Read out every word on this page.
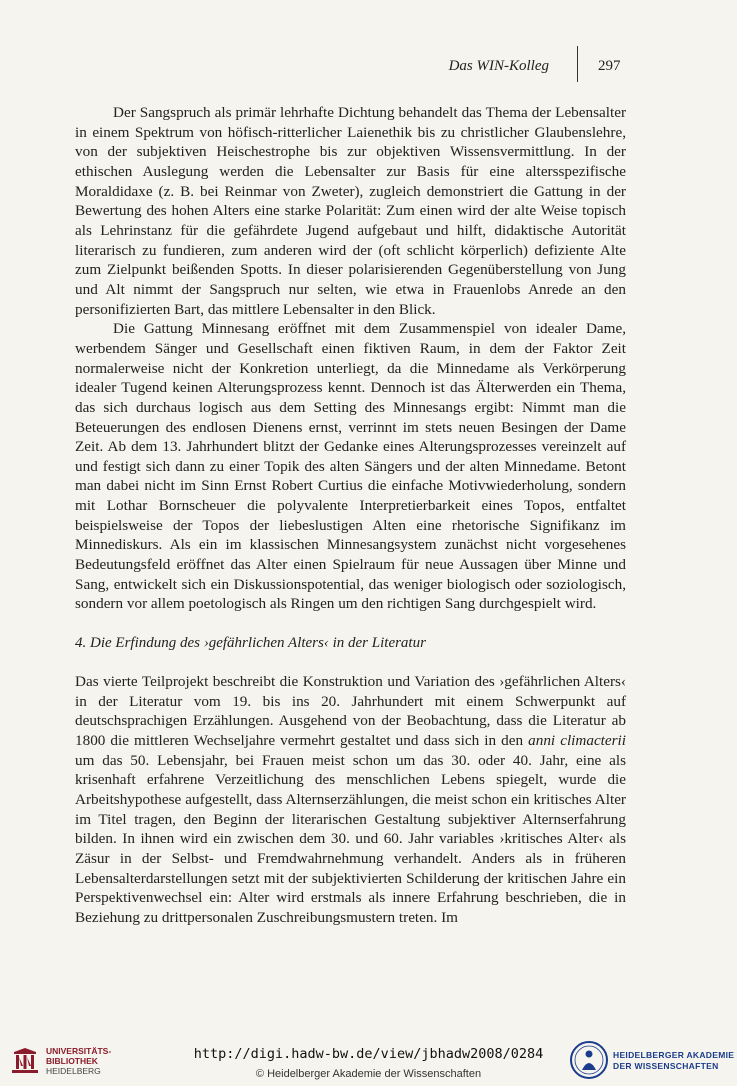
Das WIN-Kolleg	297

Der Sangspruch als primär lehrhafte Dichtung behandelt das Thema der Lebensalter in einem Spektrum von höfisch-ritterlicher Laienethik bis zu christlicher Glaubenslehre, von der subjektiven Heischestrophe bis zur objektiven Wissensvermittlung. In der ethischen Auslegung werden die Lebensalter zur Basis für eine altersspezifische Moraldidaxe (z. B. bei Reinmar von Zweter), zugleich demonstriert die Gattung in der Bewertung des hohen Alters eine starke Polarität: Zum einen wird der alte Weise topisch als Lehrinstanz für die gefährdete Jugend aufgebaut und hilft, didaktische Autorität literarisch zu fundieren, zum anderen wird der (oft schlicht körperlich) defiziente Alte zum Zielpunkt beißenden Spotts. In dieser polarisierenden Gegenüberstellung von Jung und Alt nimmt der Sangspruch nur selten, wie etwa in Frauenlobs Anrede an den personifizierten Bart, das mittlere Lebensalter in den Blick.

Die Gattung Minnesang eröffnet mit dem Zusammenspiel von idealer Dame, werbendem Sänger und Gesellschaft einen fiktiven Raum, in dem der Faktor Zeit normalerweise nicht der Konkretion unterliegt, da die Minnedame als Verkörperung idealer Tugend keinen Alterungsprozess kennt. Dennoch ist das Älterwerden ein Thema, das sich durchaus logisch aus dem Setting des Minnesangs ergibt: Nimmt man die Beteuerungen des endlosen Dienens ernst, verrinnt im stets neuen Besingen der Dame Zeit. Ab dem 13. Jahrhundert blitzt der Gedanke eines Alterungsprozesses vereinzelt auf und festigt sich dann zu einer Topik des alten Sängers und der alten Minnedame. Betont man dabei nicht im Sinn Ernst Robert Curtius die einfache Motivwiederholung, sondern mit Lothar Bornscheuer die polyvalente Interpretierbarkeit eines Topos, entfaltet beispielsweise der Topos der liebeslustigen Alten eine rhetorische Signifikanz im Minnediskurs. Als ein im klassischen Minnesangsystem zunächst nicht vorgesehenes Bedeutungsfeld eröffnet das Alter einen Spielraum für neue Aussagen über Minne und Sang, entwickelt sich ein Diskussionspotential, das weniger biologisch oder soziologisch, sondern vor allem poetologisch als Ringen um den richtigen Sang durchgespielt wird.

4. Die Erfindung des ›gefährlichen Alters‹ in der Literatur

Das vierte Teilprojekt beschreibt die Konstruktion und Variation des ›gefährlichen Alters‹ in der Literatur vom 19. bis ins 20. Jahrhundert mit einem Schwerpunkt auf deutschsprachigen Erzählungen. Ausgehend von der Beobachtung, dass die Literatur ab 1800 die mittleren Wechseljahre vermehrt gestaltet und dass sich in den anni climacterii um das 50. Lebensjahr, bei Frauen meist schon um das 30. oder 40. Jahr, eine als krisenhaft erfahrene Verzeitlichung des menschlichen Lebens spiegelt, wurde die Arbeitshypothese aufgestellt, dass Alternserzählungen, die meist schon ein kritisches Alter im Titel tragen, den Beginn der literarischen Gestaltung subjektiver Alternserfahrung bilden. In ihnen wird ein zwischen dem 30. und 60. Jahr variables ›kritisches Alter‹ als Zäsur in der Selbst- und Fremdwahrnehmung verhandelt. Anders als in früheren Lebensalterdarstellungen setzt mit der subjektivierten Schilderung der kritischen Jahre ein Perspektivenwechsel ein: Alter wird erstmals als innere Erfahrung beschrieben, die in Beziehung zu drittpersonalen Zuschreibungsmustern treten. Im

UNIVERSITÄTS-
BIBLIOTHEK
HEIDELBERG
http://digi.hadw-bw.de/view/jbhadw2008/0284
© Heidelberger Akademie der Wissenschaften
HEIDELBERGER AKADEMIE
DER WISSENSCHAFTEN
